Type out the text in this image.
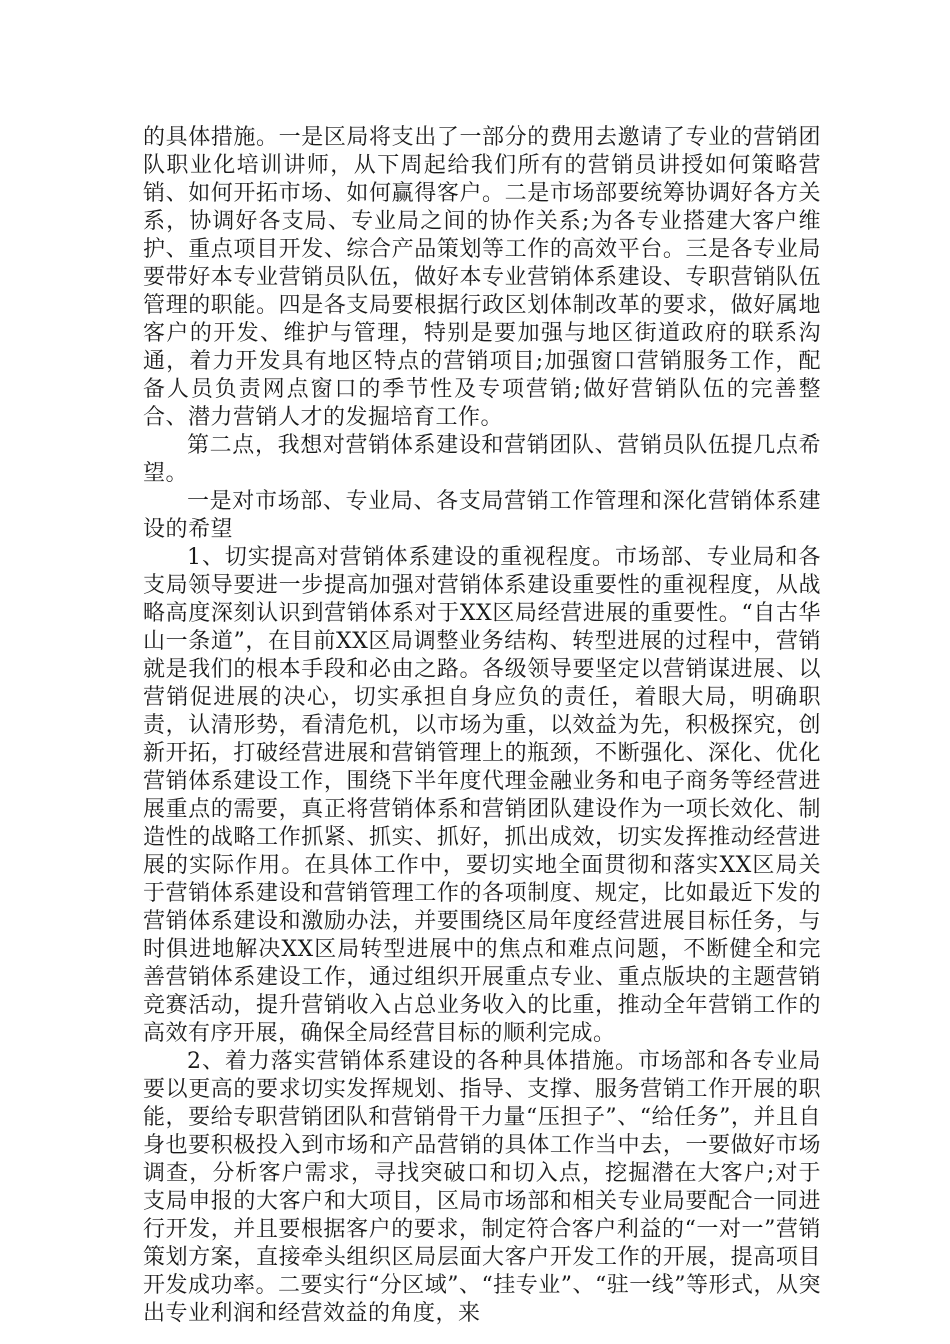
的具体措施。一是区局将支出了一部分的费用去邀请了专业的营销团队职业化培训讲师，从下周起给我们所有的营销员讲授如何策略营销、如何开拓市场、如何赢得客户。二是市场部要统筹协调好各方关系，协调好各支局、专业局之间的协作关系;为各专业搭建大客户维护、重点项目开发、综合产品策划等工作的高效平台。三是各专业局要带好本专业营销员队伍，做好本专业营销体系建设、专职营销队伍管理的职能。四是各支局要根据行政区划体制改革的要求，做好属地客户的开发、维护与管理，特别是要加强与地区街道政府的联系沟通，着力开发具有地区特点的营销项目;加强窗口营销服务工作，配备人员负责网点窗口的季节性及专项营销;做好营销队伍的完善整合、潜力营销人才的发掘培育工作。

第二点，我想对营销体系建设和营销团队、营销员队伍提几点希望。

一是对市场部、专业局、各支局营销工作管理和深化营销体系建设的希望

1、切实提高对营销体系建设的重视程度。市场部、专业局和各支局领导要进一步提高加强对营销体系建设重要性的重视程度，从战略高度深刻认识到营销体系对于XX区局经营进展的重要性。“自古华山一条道”，在目前XX区局调整业务结构、转型进展的过程中，营销就是我们的根本手段和必由之路。各级领导要坚定以营销谋进展、以营销促进展的决心，切实承担自身应负的责任，着眼大局，明确职责，认清形势，看清危机，以市场为重，以效益为先，积极探究，创新开拓，打破经营进展和营销管理上的瓶颈，不断强化、深化、优化营销体系建设工作，围绕下半年度代理金融业务和电子商务等经营进展重点的需要，真正将营销体系和营销团队建设作为一项长效化、制造性的战略工作抓紧、抓实、抓好，抓出成效，切实发挥推动经营进展的实际作用。在具体工作中，要切实地全面贯彻和落实XX区局关于营销体系建设和营销管理工作的各项制度、规定，比如最近下发的营销体系建设和激励办法，并要围绕区局年度经营进展目标任务，与时俱进地解决XX区局转型进展中的焦点和难点问题，不断健全和完善营销体系建设工作，通过组织开展重点专业、重点版块的主题营销竞赛活动，提升营销收入占总业务收入的比重，推动全年营销工作的高效有序开展，确保全局经营目标的顺利完成。

2、着力落实营销体系建设的各种具体措施。市场部和各专业局要以更高的要求切实发挥规划、指导、支撑、服务营销工作开展的职能，要给专职营销团队和营销骨干力量“压担子”、“给任务”，并且自身也要积极投入到市场和产品营销的具体工作当中去，一要做好市场调查，分析客户需求，寻找突破口和切入点，挖掘潜在大客户;对于支局申报的大客户和大项目，区局市场部和相关专业局要配合一同进行开发，并且要根据客户的要求，制定符合客户利益的“一对一”营销策划方案，直接牵头组织区局层面大客户开发工作的开展，提高项目开发成功率。二要实行“分区域”、“挂专业”、“驻一线”等形式，从突出专业利润和经营效益的角度，来
